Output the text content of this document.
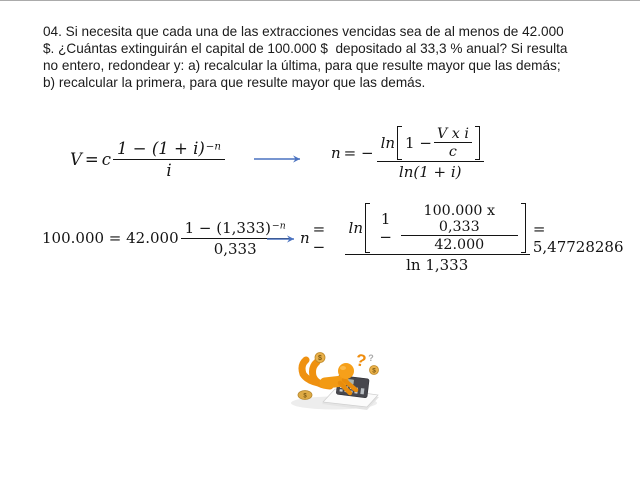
04. Si necesita que cada una de las extracciones vencidas sea de al menos de 42.000
$. ¿Cuántas extinguirán el capital de 100.000 $  depositado al 33,3 % anual? Si resulta
no entero, redondear y: a) recalcular la última, para que resulte mayor que las demás;
b) recalcular la primera, para que resulte mayor que las demás.
V = c $\frac{1 - (1 + i) -n}{i}$	n = − $\frac{\ln 1 - \frac{\text{V x i}}{c}}{\ln(1 + i)}$
$100.000 = 42.000 \frac{1 - (1,333) -n}{0,333}$ n = −
ln	$1 - \frac{100.000 x 0,333}{42.000}$
ln 1,333
= 5,47728286
? ?
$
$
$
